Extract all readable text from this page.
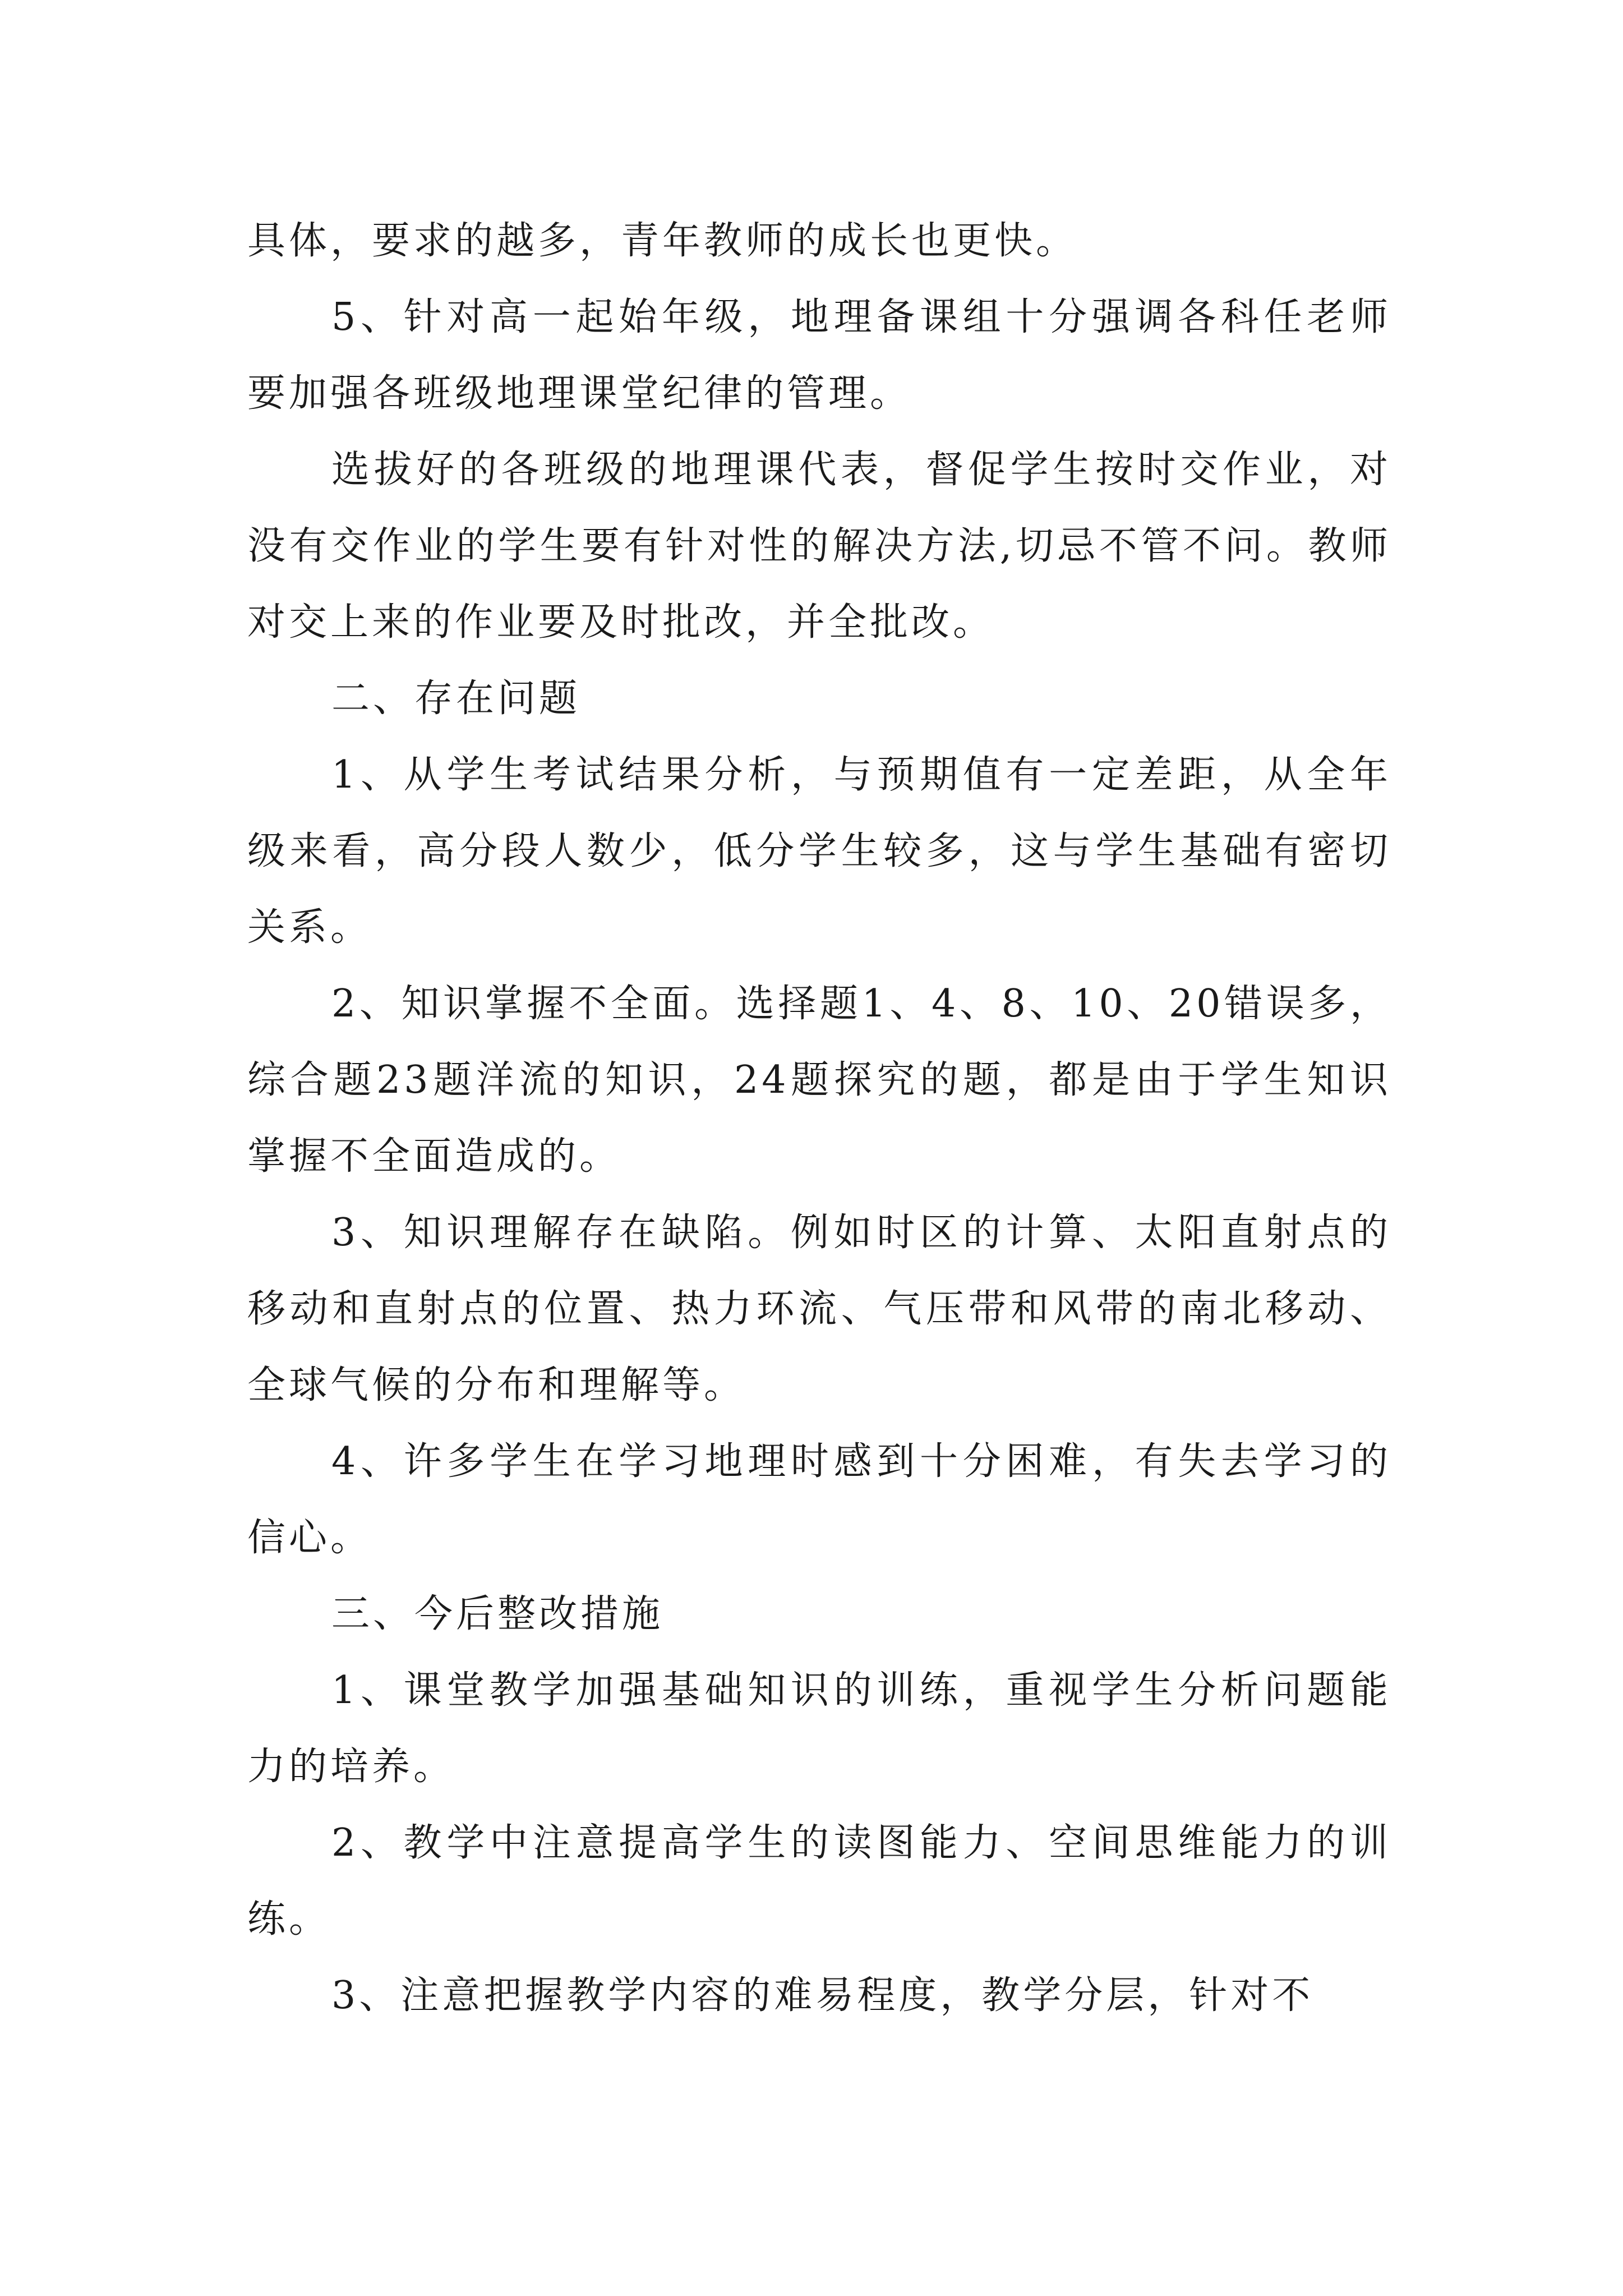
具体，要求的越多，青年教师的成长也更快。

5、针对高一起始年级，地理备课组十分强调各科任老师要加强各班级地理课堂纪律的管理。

选拔好的各班级的地理课代表，督促学生按时交作业，对没有交作业的学生要有针对性的解决方法,切忌不管不问。教师对交上来的作业要及时批改，并全批改。

二、存在问题

1、从学生考试结果分析，与预期值有一定差距，从全年级来看，高分段人数少，低分学生较多，这与学生基础有密切关系。

2、知识掌握不全面。选择题1、4、8、10、20错误多，综合题23题洋流的知识，24题探究的题，都是由于学生知识掌握不全面造成的。

3、知识理解存在缺陷。例如时区的计算、太阳直射点的移动和直射点的位置、热力环流、气压带和风带的南北移动、全球气候的分布和理解等。

4、许多学生在学习地理时感到十分困难，有失去学习的信心。

三、今后整改措施

1、课堂教学加强基础知识的训练，重视学生分析问题能力的培养。

2、教学中注意提高学生的读图能力、空间思维能力的训练。

3、注意把握教学内容的难易程度，教学分层，针对不
